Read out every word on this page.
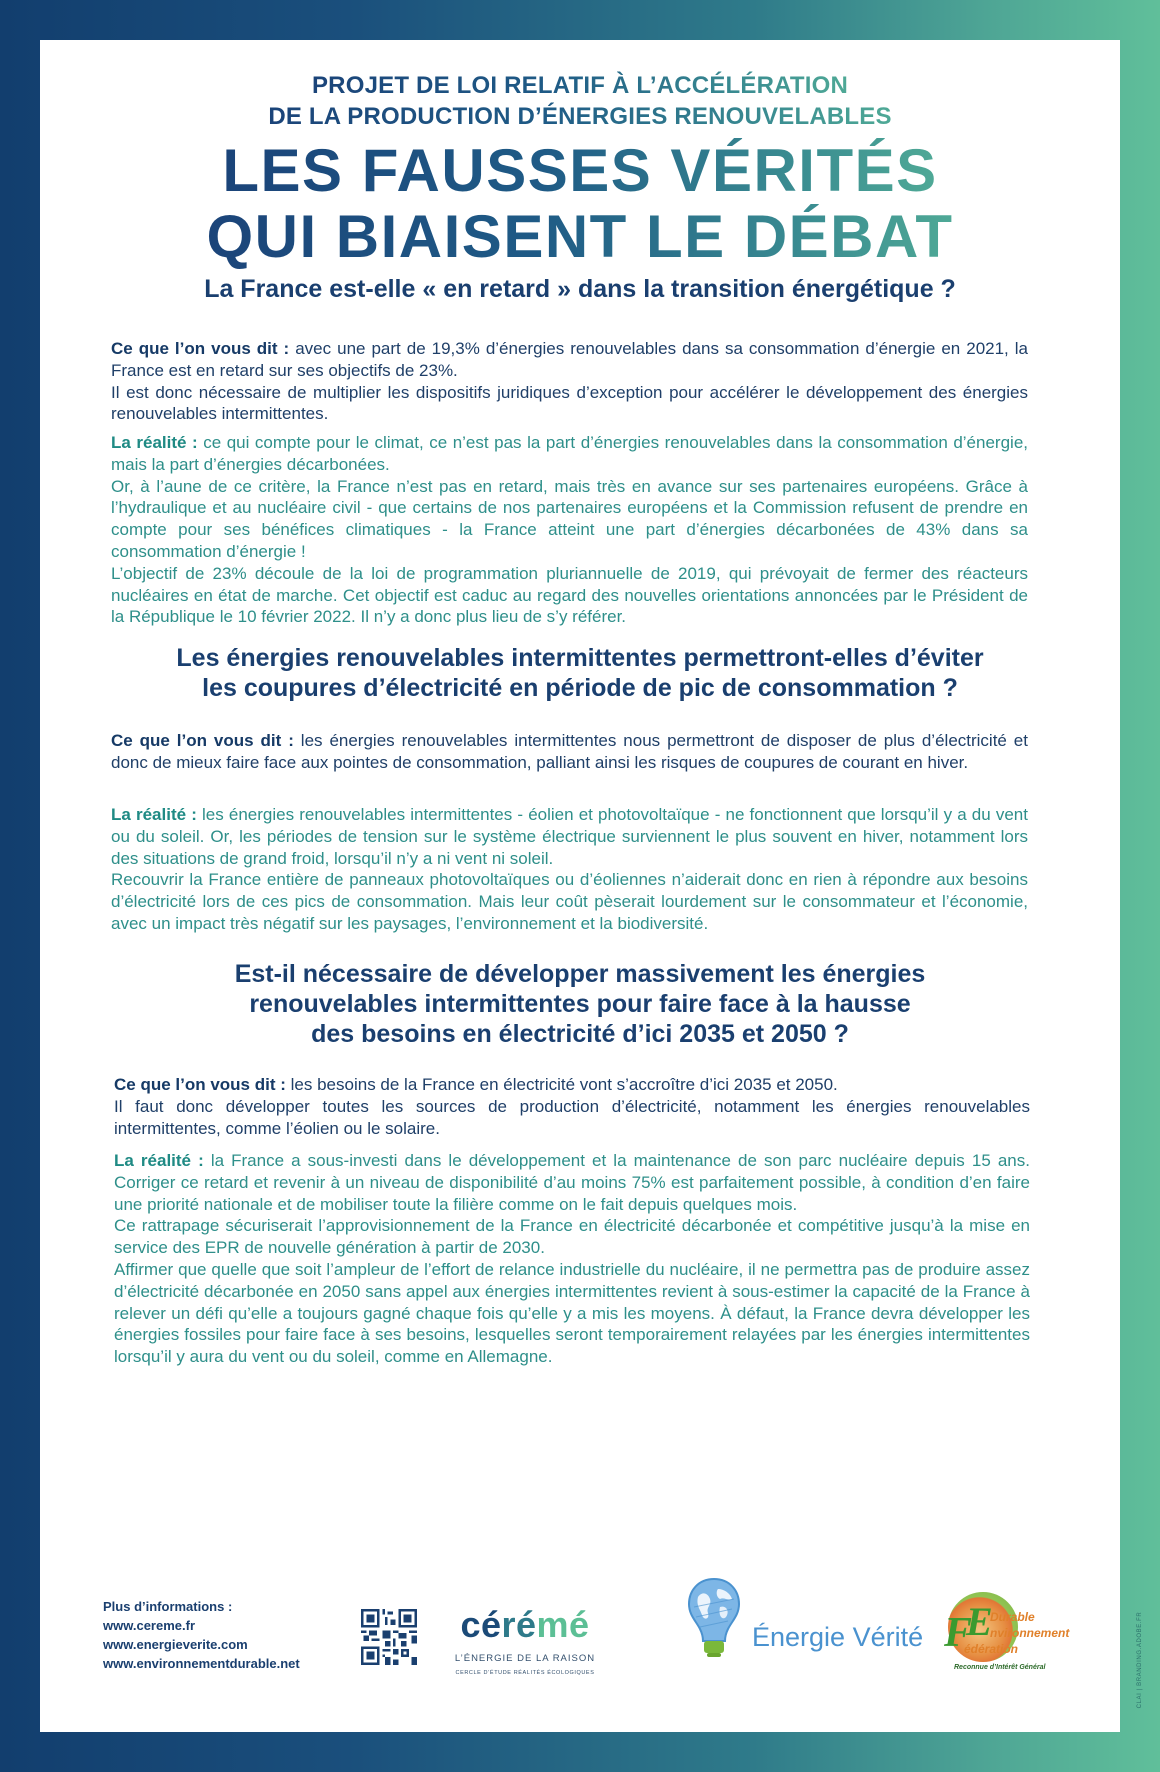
PROJET DE LOI RELATIF À L’ACCÉLÉRATION
DE LA PRODUCTION D’ÉNERGIES RENOUVELABLES
LES FAUSSES VÉRITÉS
QUI BIAISENT LE DÉBAT
La France est-elle « en retard » dans la transition énergétique ?
Ce que l’on vous dit : avec une part de 19,3% d’énergies renouvelables dans sa consommation d’énergie en 2021, la France est en retard sur ses objectifs de 23%.
Il est donc nécessaire de multiplier les dispositifs juridiques d’exception pour accélérer le développement des énergies renouvelables intermittentes.
La réalité : ce qui compte pour le climat, ce n’est pas la part d’énergies renouvelables dans la consommation d’énergie, mais la part d’énergies décarbonées.
Or, à l’aune de ce critère, la France n’est pas en retard, mais très en avance sur ses partenaires européens. Grâce à l’hydraulique et au nucléaire civil - que certains de nos partenaires européens et la Commission refusent de prendre en compte pour ses bénéfices climatiques - la France atteint une part d’énergies décarbonées de 43% dans sa consommation d’énergie !
L’objectif de 23% découle de la loi de programmation pluriannuelle de 2019, qui prévoyait de fermer des réacteurs nucléaires en état de marche. Cet objectif est caduc au regard des nouvelles orientations annoncées par le Président de la République le 10 février 2022. Il n’y a donc plus lieu de s’y référer.
Les énergies renouvelables intermittentes permettront-elles d’éviter
les coupures d’électricité en période de pic de consommation ?
Ce que l’on vous dit : les énergies renouvelables intermittentes nous permettront de disposer de plus d’électricité et donc de mieux faire face aux pointes de consommation, palliant ainsi les risques de coupures de courant en hiver.
La réalité : les énergies renouvelables intermittentes - éolien et photovoltaïque - ne fonctionnent que lorsqu’il y a du vent ou du soleil. Or, les périodes de tension sur le système électrique surviennent le plus souvent en hiver, notamment lors des situations de grand froid, lorsqu’il n’y a ni vent ni soleil.
Recouvrir la France entière de panneaux photovoltaïques ou d’éoliennes n’aiderait donc en rien à répondre aux besoins d’électricité lors de ces pics de consommation. Mais leur coût pèserait lourdement sur le consommateur et l’économie, avec un impact très négatif sur les paysages, l’environnement et la biodiversité.
Est-il nécessaire de développer massivement les énergies
renouvelables intermittentes pour faire face à la hausse
des besoins en électricité d’ici 2035 et 2050 ?
Ce que l’on vous dit : les besoins de la France en électricité vont s’accroître d’ici 2035 et 2050.
Il faut donc développer toutes les sources de production d’électricité, notamment les énergies renouvelables intermittentes, comme l’éolien ou le solaire.
La réalité : la France a sous-investi dans le développement et la maintenance de son parc nucléaire depuis 15 ans. Corriger ce retard et revenir à un niveau de disponibilité d’au moins 75% est parfaitement possible, à condition d’en faire une priorité nationale et de mobiliser toute la filière comme on le fait depuis quelques mois.
Ce rattrapage sécuriserait l’approvisionnement de la France en électricité décarbonée et compétitive jusqu’à la mise en service des EPR de nouvelle génération à partir de 2030.
Affirmer que quelle que soit l’ampleur de l’effort de relance industrielle du nucléaire, il ne permettra pas de produire assez d’électricité décarbonée en 2050 sans appel aux énergies intermittentes revient à sous-estimer la capacité de la France à relever un défi qu’elle a toujours gagné chaque fois qu’elle y a mis les moyens. À défaut, la France devra développer les énergies fossiles pour faire face à ses besoins, lesquelles seront temporairement relayées par les énergies intermittentes lorsqu’il y aura du vent ou du soleil, comme en Allemagne.
Plus d’informations :
www.cereme.fr
www.energieverite.com
www.environnementdurable.net
cérémé
L’ÉNERGIE DE LA RAISON
CERCLE D’ÉTUDE RÉALITÉS ÉCOLOGIQUES
Énergie Vérité E
F Durable
nvironnement
édération
Reconnue d’Intérêt Général	CLAI | BRANDING.ADOBE.FR
